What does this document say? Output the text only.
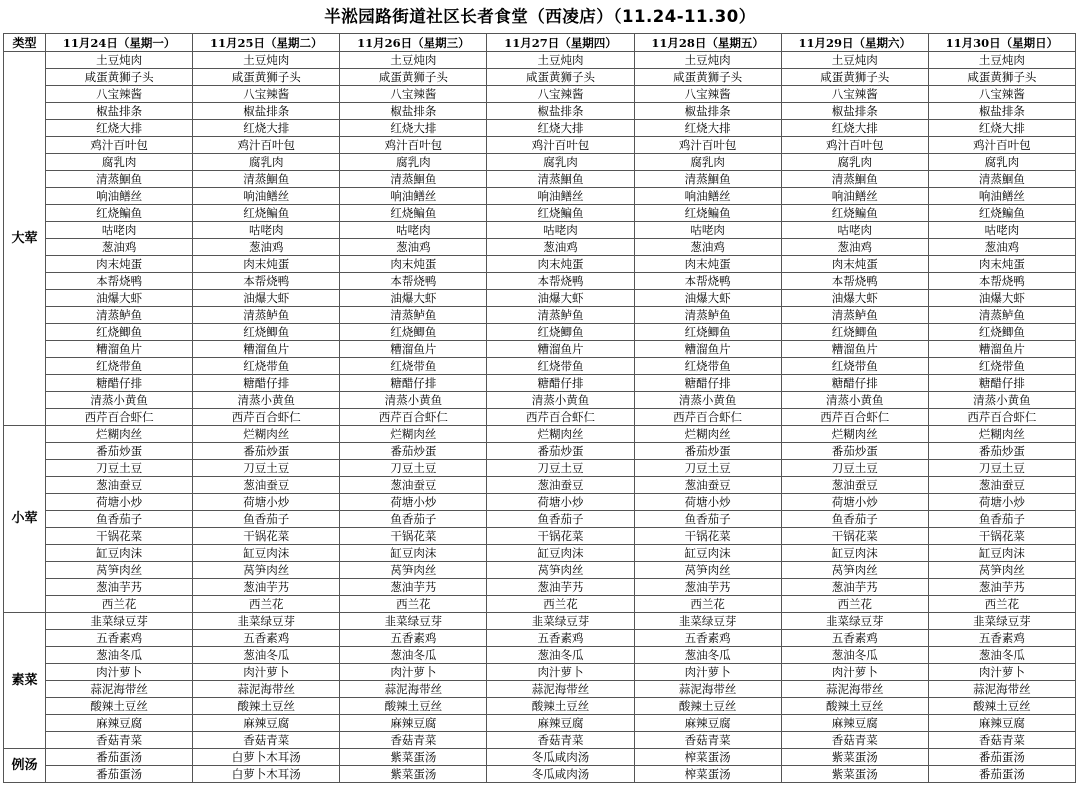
半淞园路街道社区长者食堂（西凌店）（11.24-11.30）
类型	11月24日（星期一）	11月25日（星期二）	11月26日（星期三）	11月27日（星期四）	11月28日（星期五）	11月29日（星期六）	11月30日（星期日）
大荤	土豆炖肉	土豆炖肉	土豆炖肉	土豆炖肉	土豆炖肉	土豆炖肉	土豆炖肉
	咸蛋黄狮子头	咸蛋黄狮子头	咸蛋黄狮子头	咸蛋黄狮子头	咸蛋黄狮子头	咸蛋黄狮子头	咸蛋黄狮子头
	八宝辣酱	八宝辣酱	八宝辣酱	八宝辣酱	八宝辣酱	八宝辣酱	八宝辣酱
	椒盐排条	椒盐排条	椒盐排条	椒盐排条	椒盐排条	椒盐排条	椒盐排条
	红烧大排	红烧大排	红烧大排	红烧大排	红烧大排	红烧大排	红烧大排
	鸡汁百叶包	鸡汁百叶包	鸡汁百叶包	鸡汁百叶包	鸡汁百叶包	鸡汁百叶包	鸡汁百叶包
	腐乳肉	腐乳肉	腐乳肉	腐乳肉	腐乳肉	腐乳肉	腐乳肉
	清蒸鮰鱼	清蒸鮰鱼	清蒸鮰鱼	清蒸鮰鱼	清蒸鮰鱼	清蒸鮰鱼	清蒸鮰鱼
	响油鳝丝	响油鳝丝	响油鳝丝	响油鳝丝	响油鳝丝	响油鳝丝	响油鳝丝
	红烧鳊鱼	红烧鳊鱼	红烧鳊鱼	红烧鳊鱼	红烧鳊鱼	红烧鳊鱼	红烧鳊鱼
	咕咾肉	咕咾肉	咕咾肉	咕咾肉	咕咾肉	咕咾肉	咕咾肉
	葱油鸡	葱油鸡	葱油鸡	葱油鸡	葱油鸡	葱油鸡	葱油鸡
	肉末炖蛋	肉末炖蛋	肉末炖蛋	肉末炖蛋	肉末炖蛋	肉末炖蛋	肉末炖蛋
	本帮烧鸭	本帮烧鸭	本帮烧鸭	本帮烧鸭	本帮烧鸭	本帮烧鸭	本帮烧鸭
	油爆大虾	油爆大虾	油爆大虾	油爆大虾	油爆大虾	油爆大虾	油爆大虾
	清蒸鲈鱼	清蒸鲈鱼	清蒸鲈鱼	清蒸鲈鱼	清蒸鲈鱼	清蒸鲈鱼	清蒸鲈鱼
	红烧鲫鱼	红烧鲫鱼	红烧鲫鱼	红烧鲫鱼	红烧鲫鱼	红烧鲫鱼	红烧鲫鱼
	糟溜鱼片	糟溜鱼片	糟溜鱼片	糟溜鱼片	糟溜鱼片	糟溜鱼片	糟溜鱼片
	红烧带鱼	红烧带鱼	红烧带鱼	红烧带鱼	红烧带鱼	红烧带鱼	红烧带鱼
	糖醋仔排	糖醋仔排	糖醋仔排	糖醋仔排	糖醋仔排	糖醋仔排	糖醋仔排
	清蒸小黄鱼	清蒸小黄鱼	清蒸小黄鱼	清蒸小黄鱼	清蒸小黄鱼	清蒸小黄鱼	清蒸小黄鱼
	西芹百合虾仁	西芹百合虾仁	西芹百合虾仁	西芹百合虾仁	西芹百合虾仁	西芹百合虾仁	西芹百合虾仁
小荤	烂糊肉丝	烂糊肉丝	烂糊肉丝	烂糊肉丝	烂糊肉丝	烂糊肉丝	烂糊肉丝
	番茄炒蛋	番茄炒蛋	番茄炒蛋	番茄炒蛋	番茄炒蛋	番茄炒蛋	番茄炒蛋
	刀豆土豆	刀豆土豆	刀豆土豆	刀豆土豆	刀豆土豆	刀豆土豆	刀豆土豆
	葱油蚕豆	葱油蚕豆	葱油蚕豆	葱油蚕豆	葱油蚕豆	葱油蚕豆	葱油蚕豆
	荷塘小炒	荷塘小炒	荷塘小炒	荷塘小炒	荷塘小炒	荷塘小炒	荷塘小炒
	鱼香茄子	鱼香茄子	鱼香茄子	鱼香茄子	鱼香茄子	鱼香茄子	鱼香茄子
	干锅花菜	干锅花菜	干锅花菜	干锅花菜	干锅花菜	干锅花菜	干锅花菜
	缸豆肉沫	缸豆肉沫	缸豆肉沫	缸豆肉沫	缸豆肉沫	缸豆肉沫	缸豆肉沫
	莴笋肉丝	莴笋肉丝	莴笋肉丝	莴笋肉丝	莴笋肉丝	莴笋肉丝	莴笋肉丝
	葱油芋艿	葱油芋艿	葱油芋艿	葱油芋艿	葱油芋艿	葱油芋艿	葱油芋艿
	西兰花	西兰花	西兰花	西兰花	西兰花	西兰花	西兰花
素菜	韭菜绿豆芽	韭菜绿豆芽	韭菜绿豆芽	韭菜绿豆芽	韭菜绿豆芽	韭菜绿豆芽	韭菜绿豆芽
	五香素鸡	五香素鸡	五香素鸡	五香素鸡	五香素鸡	五香素鸡	五香素鸡
	葱油冬瓜	葱油冬瓜	葱油冬瓜	葱油冬瓜	葱油冬瓜	葱油冬瓜	葱油冬瓜
	肉汁萝卜	肉汁萝卜	肉汁萝卜	肉汁萝卜	肉汁萝卜	肉汁萝卜	肉汁萝卜
	蒜泥海带丝	蒜泥海带丝	蒜泥海带丝	蒜泥海带丝	蒜泥海带丝	蒜泥海带丝	蒜泥海带丝
	酸辣土豆丝	酸辣土豆丝	酸辣土豆丝	酸辣土豆丝	酸辣土豆丝	酸辣土豆丝	酸辣土豆丝
	麻辣豆腐	麻辣豆腐	麻辣豆腐	麻辣豆腐	麻辣豆腐	麻辣豆腐	麻辣豆腐
	香菇青菜	香菇青菜	香菇青菜	香菇青菜	香菇青菜	香菇青菜	香菇青菜
例汤	番茄蛋汤	白萝卜木耳汤	紫菜蛋汤	冬瓜咸肉汤	榨菜蛋汤	紫菜蛋汤	番茄蛋汤
	番茄蛋汤	白萝卜木耳汤	紫菜蛋汤	冬瓜咸肉汤	榨菜蛋汤	紫菜蛋汤	番茄蛋汤
